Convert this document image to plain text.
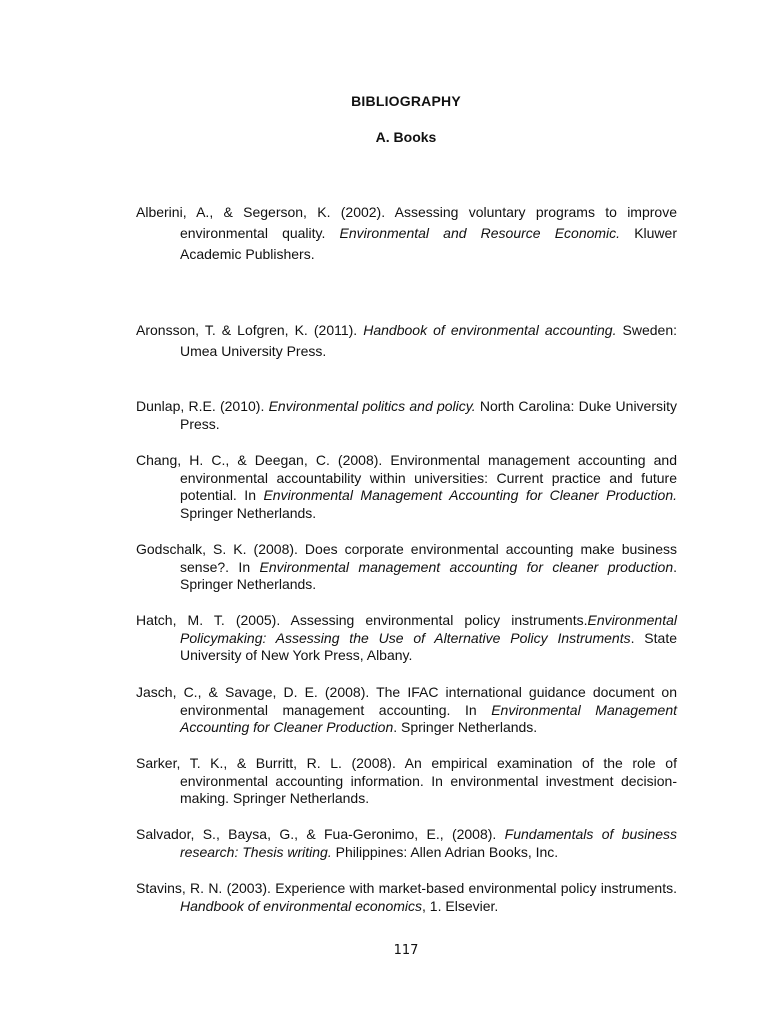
BIBLIOGRAPHY
A. Books

Alberini, A., & Segerson, K. (2002). Assessing voluntary programs to improve environmental quality. Environmental and Resource Economic. Kluwer Academic Publishers.

Aronsson, T. & Lofgren, K. (2011). Handbook of environmental accounting. Sweden: Umea University Press.

Dunlap, R.E. (2010). Environmental politics and policy. North Carolina: Duke University Press.

Chang, H. C., & Deegan, C. (2008). Environmental management accounting and environmental accountability within universities: Current practice and future potential. In Environmental Management Accounting for Cleaner Production. Springer Netherlands.

Godschalk, S. K. (2008). Does corporate environmental accounting make business sense?. In Environmental management accounting for cleaner production. Springer Netherlands.

Hatch, M. T. (2005). Assessing environmental policy instruments.Environmental Policymaking: Assessing the Use of Alternative Policy Instruments. State University of New York Press, Albany.

Jasch, C., & Savage, D. E. (2008). The IFAC international guidance document on environmental management accounting. In Environmental Management Accounting for Cleaner Production. Springer Netherlands.

Sarker, T. K., & Burritt, R. L. (2008). An empirical examination of the role of environmental accounting information. In environmental investment decision-making. Springer Netherlands.

Salvador, S., Baysa, G., & Fua-Geronimo, E., (2008). Fundamentals of business research: Thesis writing. Philippines: Allen Adrian Books, Inc.

Stavins, R. N. (2003). Experience with market-based environmental policy instruments. Handbook of environmental economics, 1. Elsevier.

117
